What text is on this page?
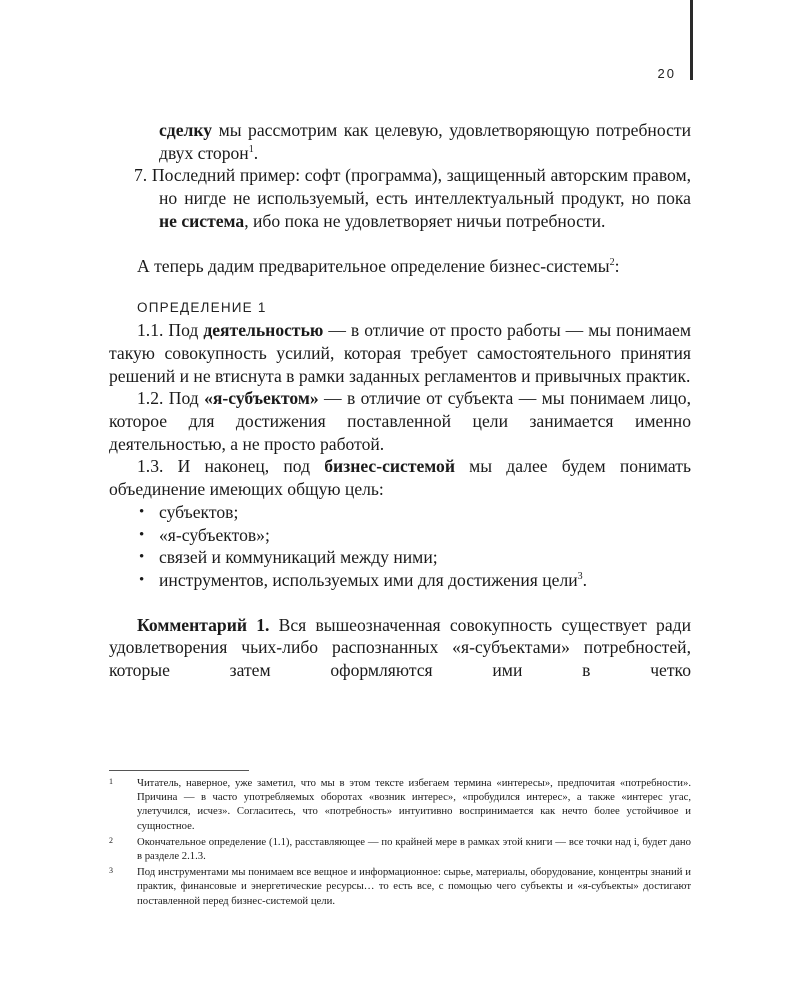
20

сделку мы рассмотрим как целевую, удовлетворяющую потребности двух сторон$^1$.

7. Последний пример: софт (программа), защищенный авторским правом, но нигде не используемый, есть интеллектуальный продукт, но пока не система, ибо пока не удовлетворяет ничьи потребности.

А теперь дадим предварительное определение бизнес-системы$^2$:

ОПРЕДЕЛЕНИЕ 1

1.1. Под деятельностью — в отличие от просто работы — мы понимаем такую совокупность усилий, которая требует самостоятельного принятия решений и не втиснута в рамки заданных регламентов и привычных практик.

1.2. Под «я-субъектом» — в отличие от субъекта — мы понимаем лицо, которое для достижения поставленной цели занимается именно деятельностью, а не просто работой.

1.3. И наконец, под бизнес-системой мы далее будем понимать объединение имеющих общую цель:

• субъектов;
• «я-субъектов»;
• связей и коммуникаций между ними;
• инструментов, используемых ими для достижения цели$^3$.

Комментарий 1. Вся вышеозначенная совокупность существует ради удовлетворения чьих-либо распознанных «я-субъектами» потребностей, которые затем оформляются ими в четко

1 Читатель, наверное, уже заметил, что мы в этом тексте избегаем термина «интересы», предпочитая «потребности». Причина — в часто употребляемых оборотах «возник интерес», «пробудился интерес», а также «интерес угас, улетучился, исчез». Согласитесь, что «потребность» интуитивно воспринимается как нечто более устойчивое и сущностное.

2 Окончательное определение (1.1), расставляющее — по крайней мере в рамках этой книги — все точки над i, будет дано в разделе 2.1.3.

3 Под инструментами мы понимаем все вещное и информационное: сырье, материалы, оборудование, концентры знаний и практик, финансовые и энергетические ресурсы… то есть все, с помощью чего субъекты и «я-субъекты» достигают поставленной перед бизнес-системой цели.
